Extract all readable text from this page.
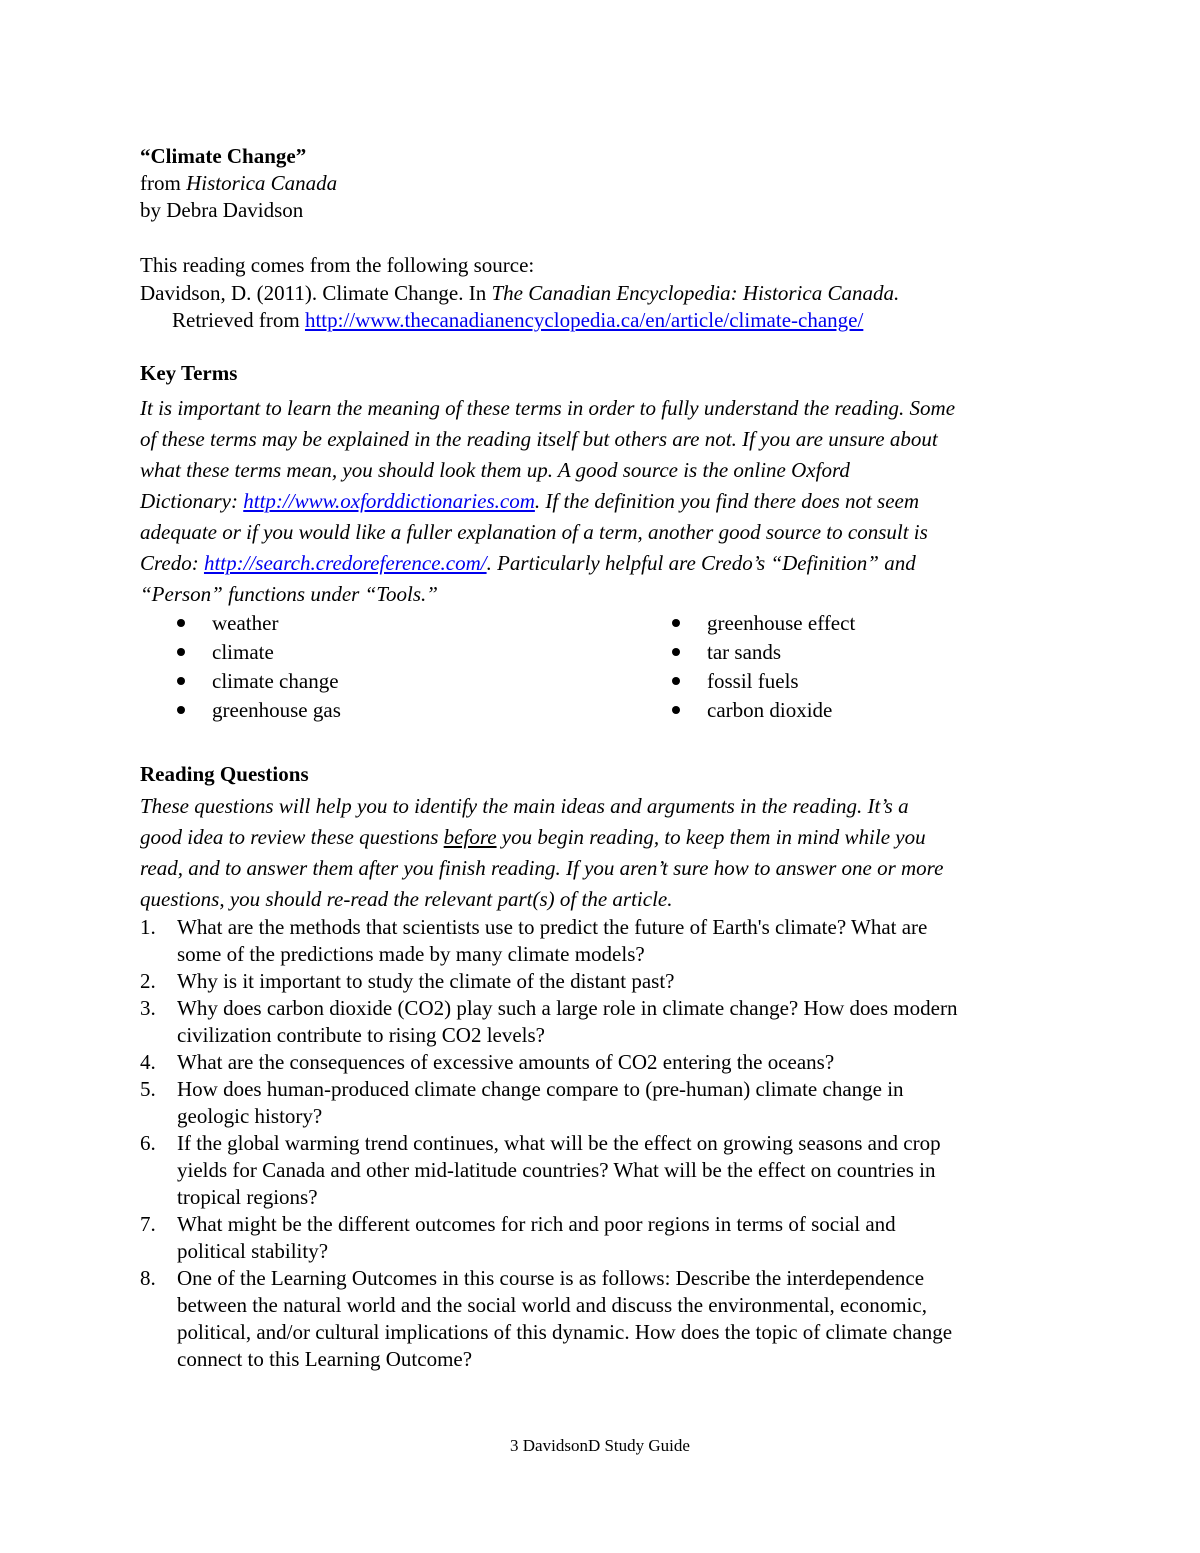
“Climate Change”
from Historica Canada
by Debra Davidson
This reading comes from the following source:
Davidson, D. (2011). Climate Change. In The Canadian Encyclopedia: Historica Canada.
Retrieved from http://www.thecanadianencyclopedia.ca/en/article/climate-change/
Key Terms
It is important to learn the meaning of these terms in order to fully understand the reading. Some
of these terms may be explained in the reading itself but others are not. If you are unsure about
what these terms mean, you should look them up. A good source is the online Oxford
Dictionary: http://www.oxforddictionaries.com. If the definition you find there does not seem
adequate or if you would like a fuller explanation of a term, another good source to consult is
Credo: http://search.credoreference.com/. Particularly helpful are Credo’s “Definition” and
“Person” functions under “Tools.”
weather
climate
climate change
greenhouse gas
greenhouse effect
tar sands
fossil fuels
carbon dioxide
Reading Questions
These questions will help you to identify the main ideas and arguments in the reading. It’s a
good idea to review these questions before you begin reading, to keep them in mind while you
read, and to answer them after you finish reading. If you aren’t sure how to answer one or more
questions, you should re-read the relevant part(s) of the article.
1. What are the methods that scientists use to predict the future of Earth's climate? What are
some of the predictions made by many climate models?
2. Why is it important to study the climate of the distant past?
3. Why does carbon dioxide (CO2) play such a large role in climate change? How does modern
civilization contribute to rising CO2 levels?
4. What are the consequences of excessive amounts of CO2 entering the oceans?
5. How does human-produced climate change compare to (pre-human) climate change in
geologic history?
6. If the global warming trend continues, what will be the effect on growing seasons and crop
yields for Canada and other mid-latitude countries? What will be the effect on countries in
tropical regions?
7. What might be the different outcomes for rich and poor regions in terms of social and
political stability?
8. One of the Learning Outcomes in this course is as follows: Describe the interdependence
between the natural world and the social world and discuss the environmental, economic,
political, and/or cultural implications of this dynamic. How does the topic of climate change
connect to this Learning Outcome?
3 DavidsonD Study Guide
